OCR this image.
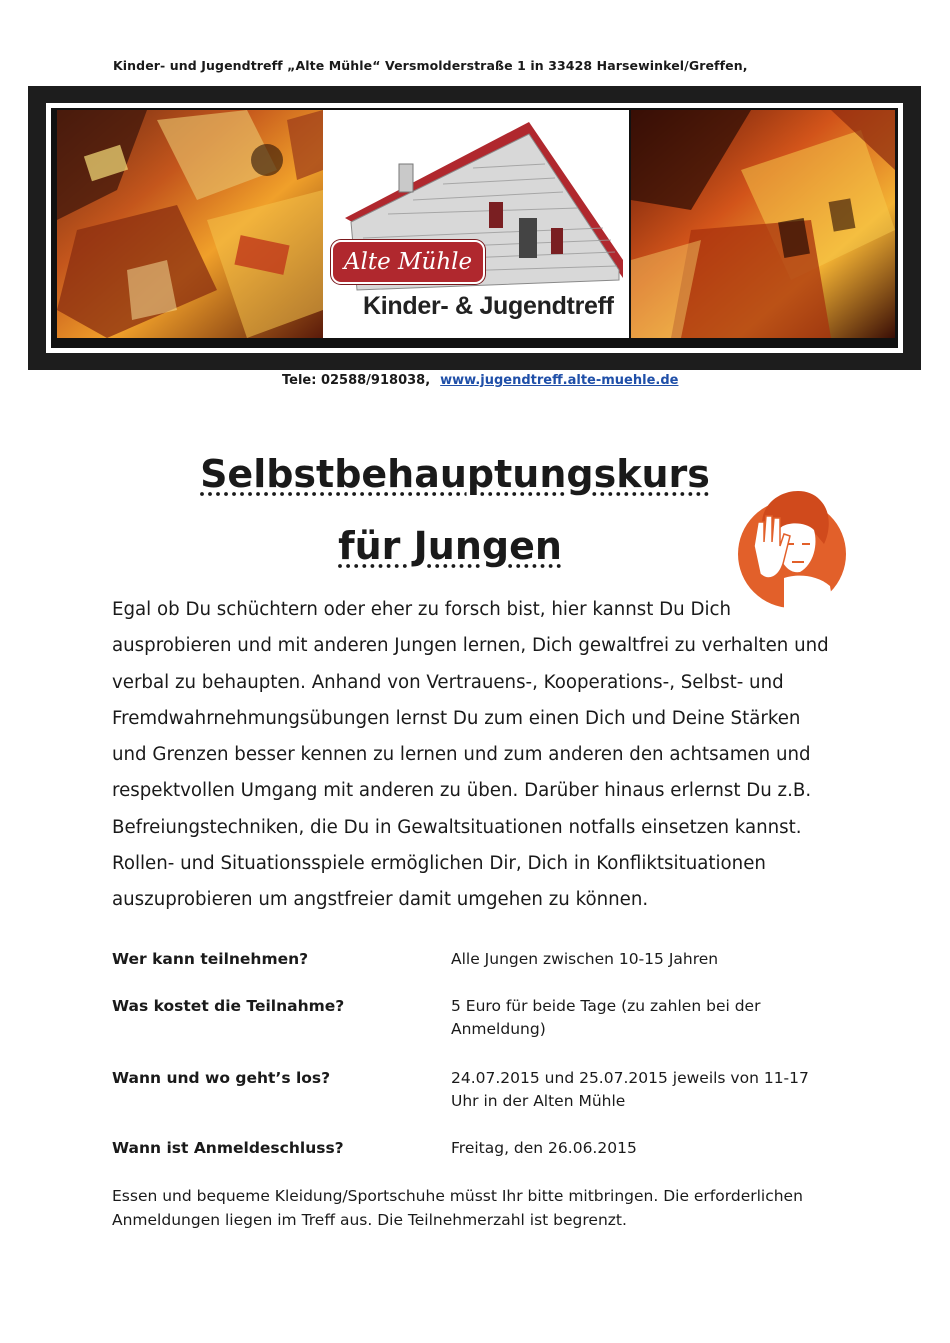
Kinder- und Jugendtreff „Alte Mühle“ Versmolderstraße 1 in 33428 Harsewinkel/Greffen,
Alte Mühle
Kinder- & Jugendtreff
Tele: 02588/918038, www.jugendtreff.alte-muehle.de
Selbstbehauptungskurs
für Jungen
Egal ob Du schüchtern oder eher zu forsch bist, hier kannst Du Dich
ausprobieren und mit anderen Jungen lernen, Dich gewaltfrei zu verhalten und
verbal zu behaupten. Anhand von Vertrauens-, Kooperations-, Selbst- und
Fremdwahrnehmungsübungen lernst Du zum einen Dich und Deine Stärken
und Grenzen besser kennen zu lernen und zum anderen den achtsamen und
respektvollen Umgang mit anderen zu üben. Darüber hinaus erlernst Du z.B.
Befreiungstechniken, die Du in Gewaltsituationen notfalls einsetzen kannst.
Rollen- und Situationsspiele ermöglichen Dir, Dich in Konfliktsituationen
auszuprobieren um angstfreier damit umgehen zu können.
Wer kann teilnehmen?	Alle Jungen zwischen 10-15 Jahren
Was kostet die Teilnahme?	5 Euro für beide Tage (zu zahlen bei der Anmeldung)
Wann und wo geht’s los?	24.07.2015 und 25.07.2015 jeweils von 11-17 Uhr in der Alten Mühle
Wann ist Anmeldeschluss?	Freitag, den 26.06.2015
Essen und bequeme Kleidung/Sportschuhe müsst Ihr bitte mitbringen. Die erforderlichen Anmeldungen liegen im Treff aus. Die Teilnehmerzahl ist begrenzt.
